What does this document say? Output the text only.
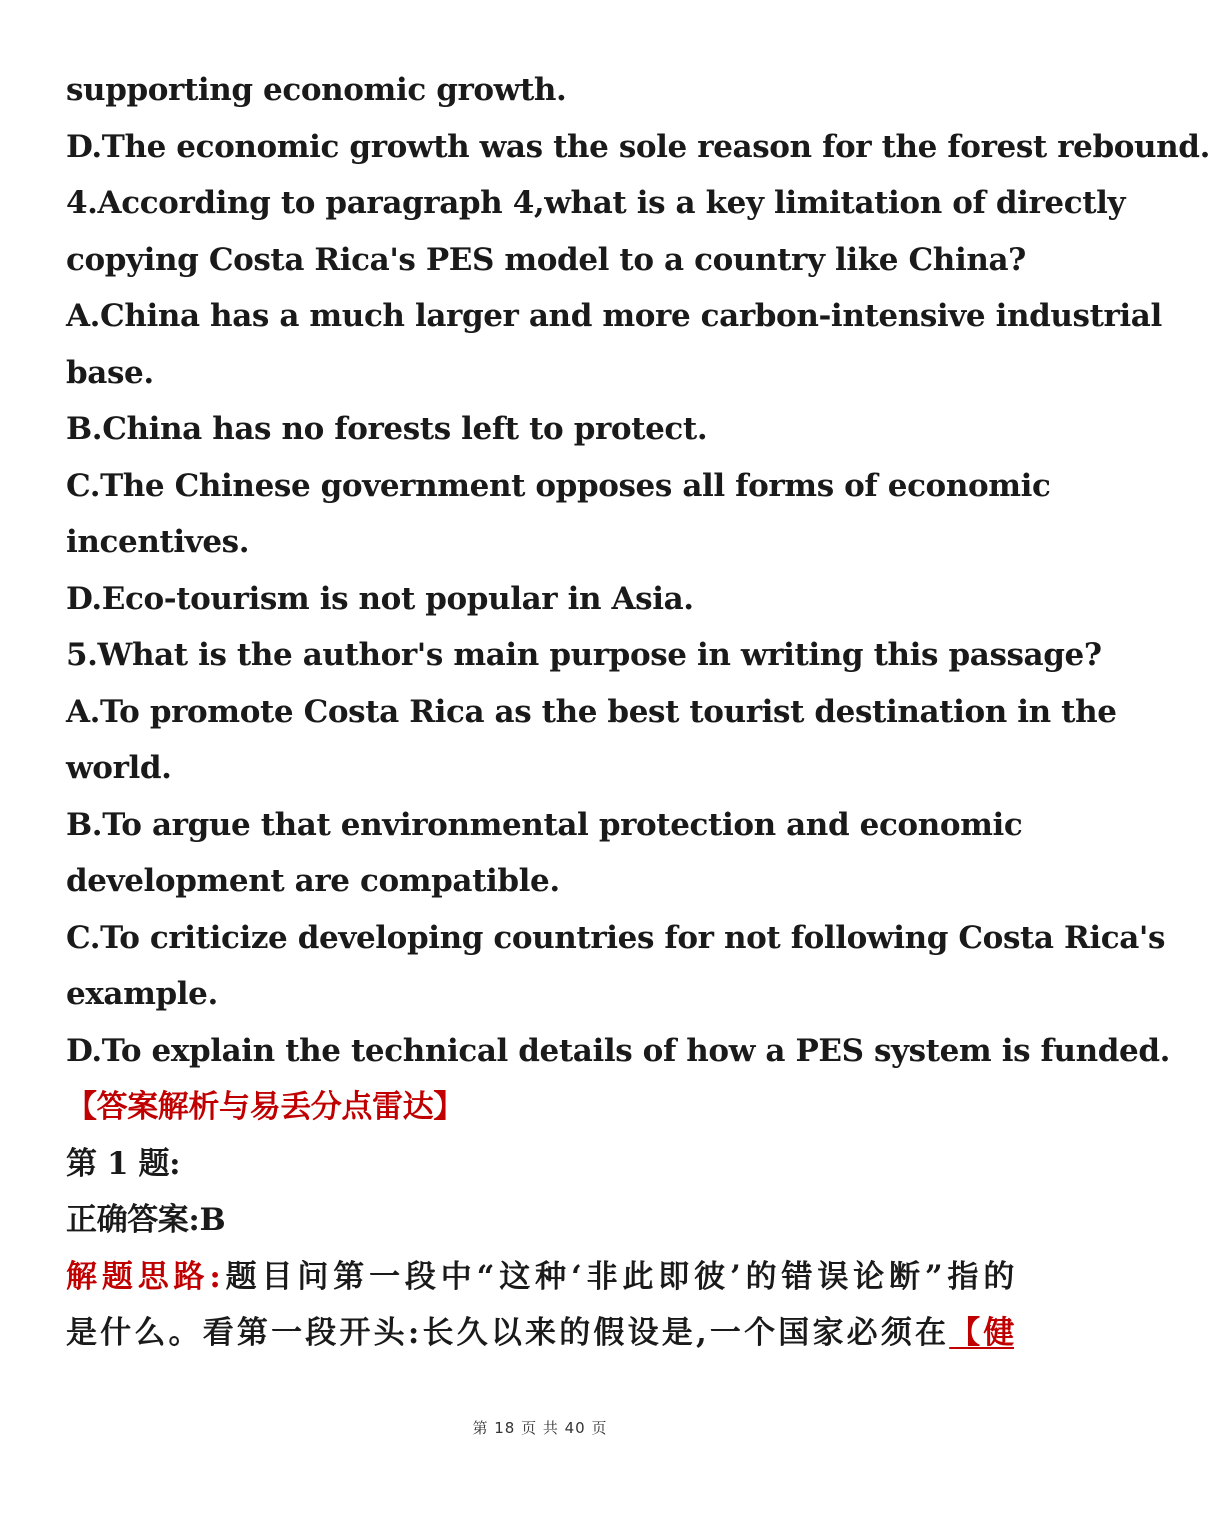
supporting economic growth.
D.The economic growth was the sole reason for the forest rebound.
4.According to paragraph 4,what is a key limitation of directly
copying Costa Rica's PES model to a country like China?
A.China has a much larger and more carbon-intensive industrial
base.
B.China has no forests left to protect.
C.The Chinese government opposes all forms of economic
incentives.
D.Eco-tourism is not popular in Asia.
5.What is the author's main purpose in writing this passage?
A.To promote Costa Rica as the best tourist destination in the
world.
B.To argue that environmental protection and economic
development are compatible.
C.To criticize developing countries for not following Costa Rica's
example.
D.To explain the technical details of how a PES system is funded.
【答案解析与易丢分点雷达】
第 1 题:
正确答案:B
解题思路:题目问第一段中“这种‘非此即彼’的错误论断”指的
是什么。看第一段开头:长久以来的假设是,一个国家必须在【健
第 18 页 共 40 页
